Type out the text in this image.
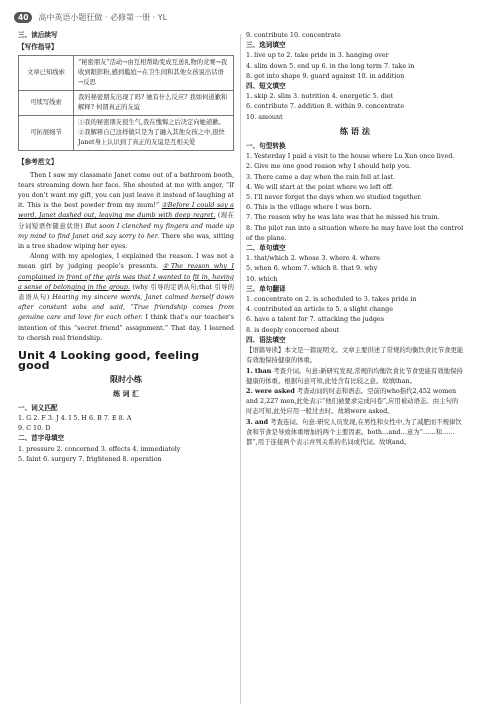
40	高中英语小题狂做 · 必修第一册 · YL

三、读后续写

【写作指导】
文章已知线索	“秘密朋友”活动→由互相帮助变成互送礼物的竞赛→我收到眼影粉,感到尴尬→在卫生间和其他女孩说出话语→反思
可续写线索	我的秘密朋友出现了吗? 她有什么反应? 我如何道歉和解释? 何谓真正的友谊
可拓展细节	①我的秘密朋友很生气,我在愧悔之后决定向她道歉。
②我解释自己这样做只是为了融入其他女孩之中,很快Janet身上认识到了真正的友谊是互相关爱
【参考范文】

Then I saw my classmate Janet come out of a bathroom booth, tears streaming down her face. She shouted at me with anger, “If you don't want my gift, you can just leave it instead of laughing at it. This is the best powder from my mum!” ①Before I could say a word, Janet dashed out, leaving me dumb with deep regret. (现在分词短语作随意状语) But soon I clenched my fingers and made up my mind to find Janet and say sorry to her. There she was, sitting in a tree shadow wiping her eyes.

Along with my apologies, I explained the reason. I was not a mean girl by judging people's presents. ②The reason why I complained in front of the girls was that I wanted to fit in, having a sense of belonging in the group. (why 引导的定语从句;that 引导的表语从句) Hearing my sincere words, Janet calmed herself down after constant sobs and said, “True friendship comes from genuine care and love for each other. I think that's our teacher's intention of this “secret friend” assignment.” That day, I learned to cherish real friendship.

Unit 4 Looking good, feeling good
限时小练
练 词 汇

一、词义匹配

1. G 2. F 3. J 4. I 5. H 6. B 7. E 8. A

9. C 10. D

二、首字母填空

1. pressure 2. concerned 3. effects 4. immediately

5. faint 6. surgery 7. frightened 8. operation

9. contribute 10. concentrate

三、选词填空

1. live up to 2. take pride in 3. hanging over

4. slim down 5. end up 6. in the long term 7. take in

8. get into shape 9. guard against 10. in addition

四、短文填空

1. skip 2. slim 3. nutrition 4. energetic 5. diet

6. contribute 7. addition 8. within 9. concentrate

10. amount

练 语 法

一、句型转换

1. Yesterday I paid a visit to the house where Lu Xun once lived.

2. Give me one good reason why I should help you.

3. There came a day when the rain fell at last.

4. We will start at the point where we left off.

5. I'll never forget the days when we studied together.

6. This is the village where I was born.

7. The reason why he was late was that he missed his train.

8. The pilot ran into a situation where he may have lost the control of the plane.

二、单句填空

1. that/which 2. whose 3. where 4. where

5. when 6. whom 7. which 8. that 9. why

10. which

三、单句翻译

1. concentrate on 2. is scheduled to 3. takes pride in

4. contributed an article to 5. a slight change

6. have a talent for 7. attacking the judges

8. is deeply concerned about

四、语法填空

【语篇导读】本文是一篇说明文。文章主要讲述了常规的均衡饮食比节食更能有效地保持健康的体重。

1. than 考查介词。句意:新研究发现,常规的均衡饮食比节食更能有效地保持健康的体重。根据句意可知,此处含有比较之意。故填than。

2. were asked 考查动词的时态和语态。空前的who指代2,452 women and 2,227 men,此处表示“他们被要求完成问卷”,应用被动语态。由主句的时态可知,此处应用一般过去时。故填were asked。

3. and 考查连词。句意:研究人员发现,在男性和女性中,为了减肥而不规律饮食和节食是导致体重增加的两个主要因素。both…and…意为“……和……都”,用于连接两个表示并列关系的名词或代词。故填and。
